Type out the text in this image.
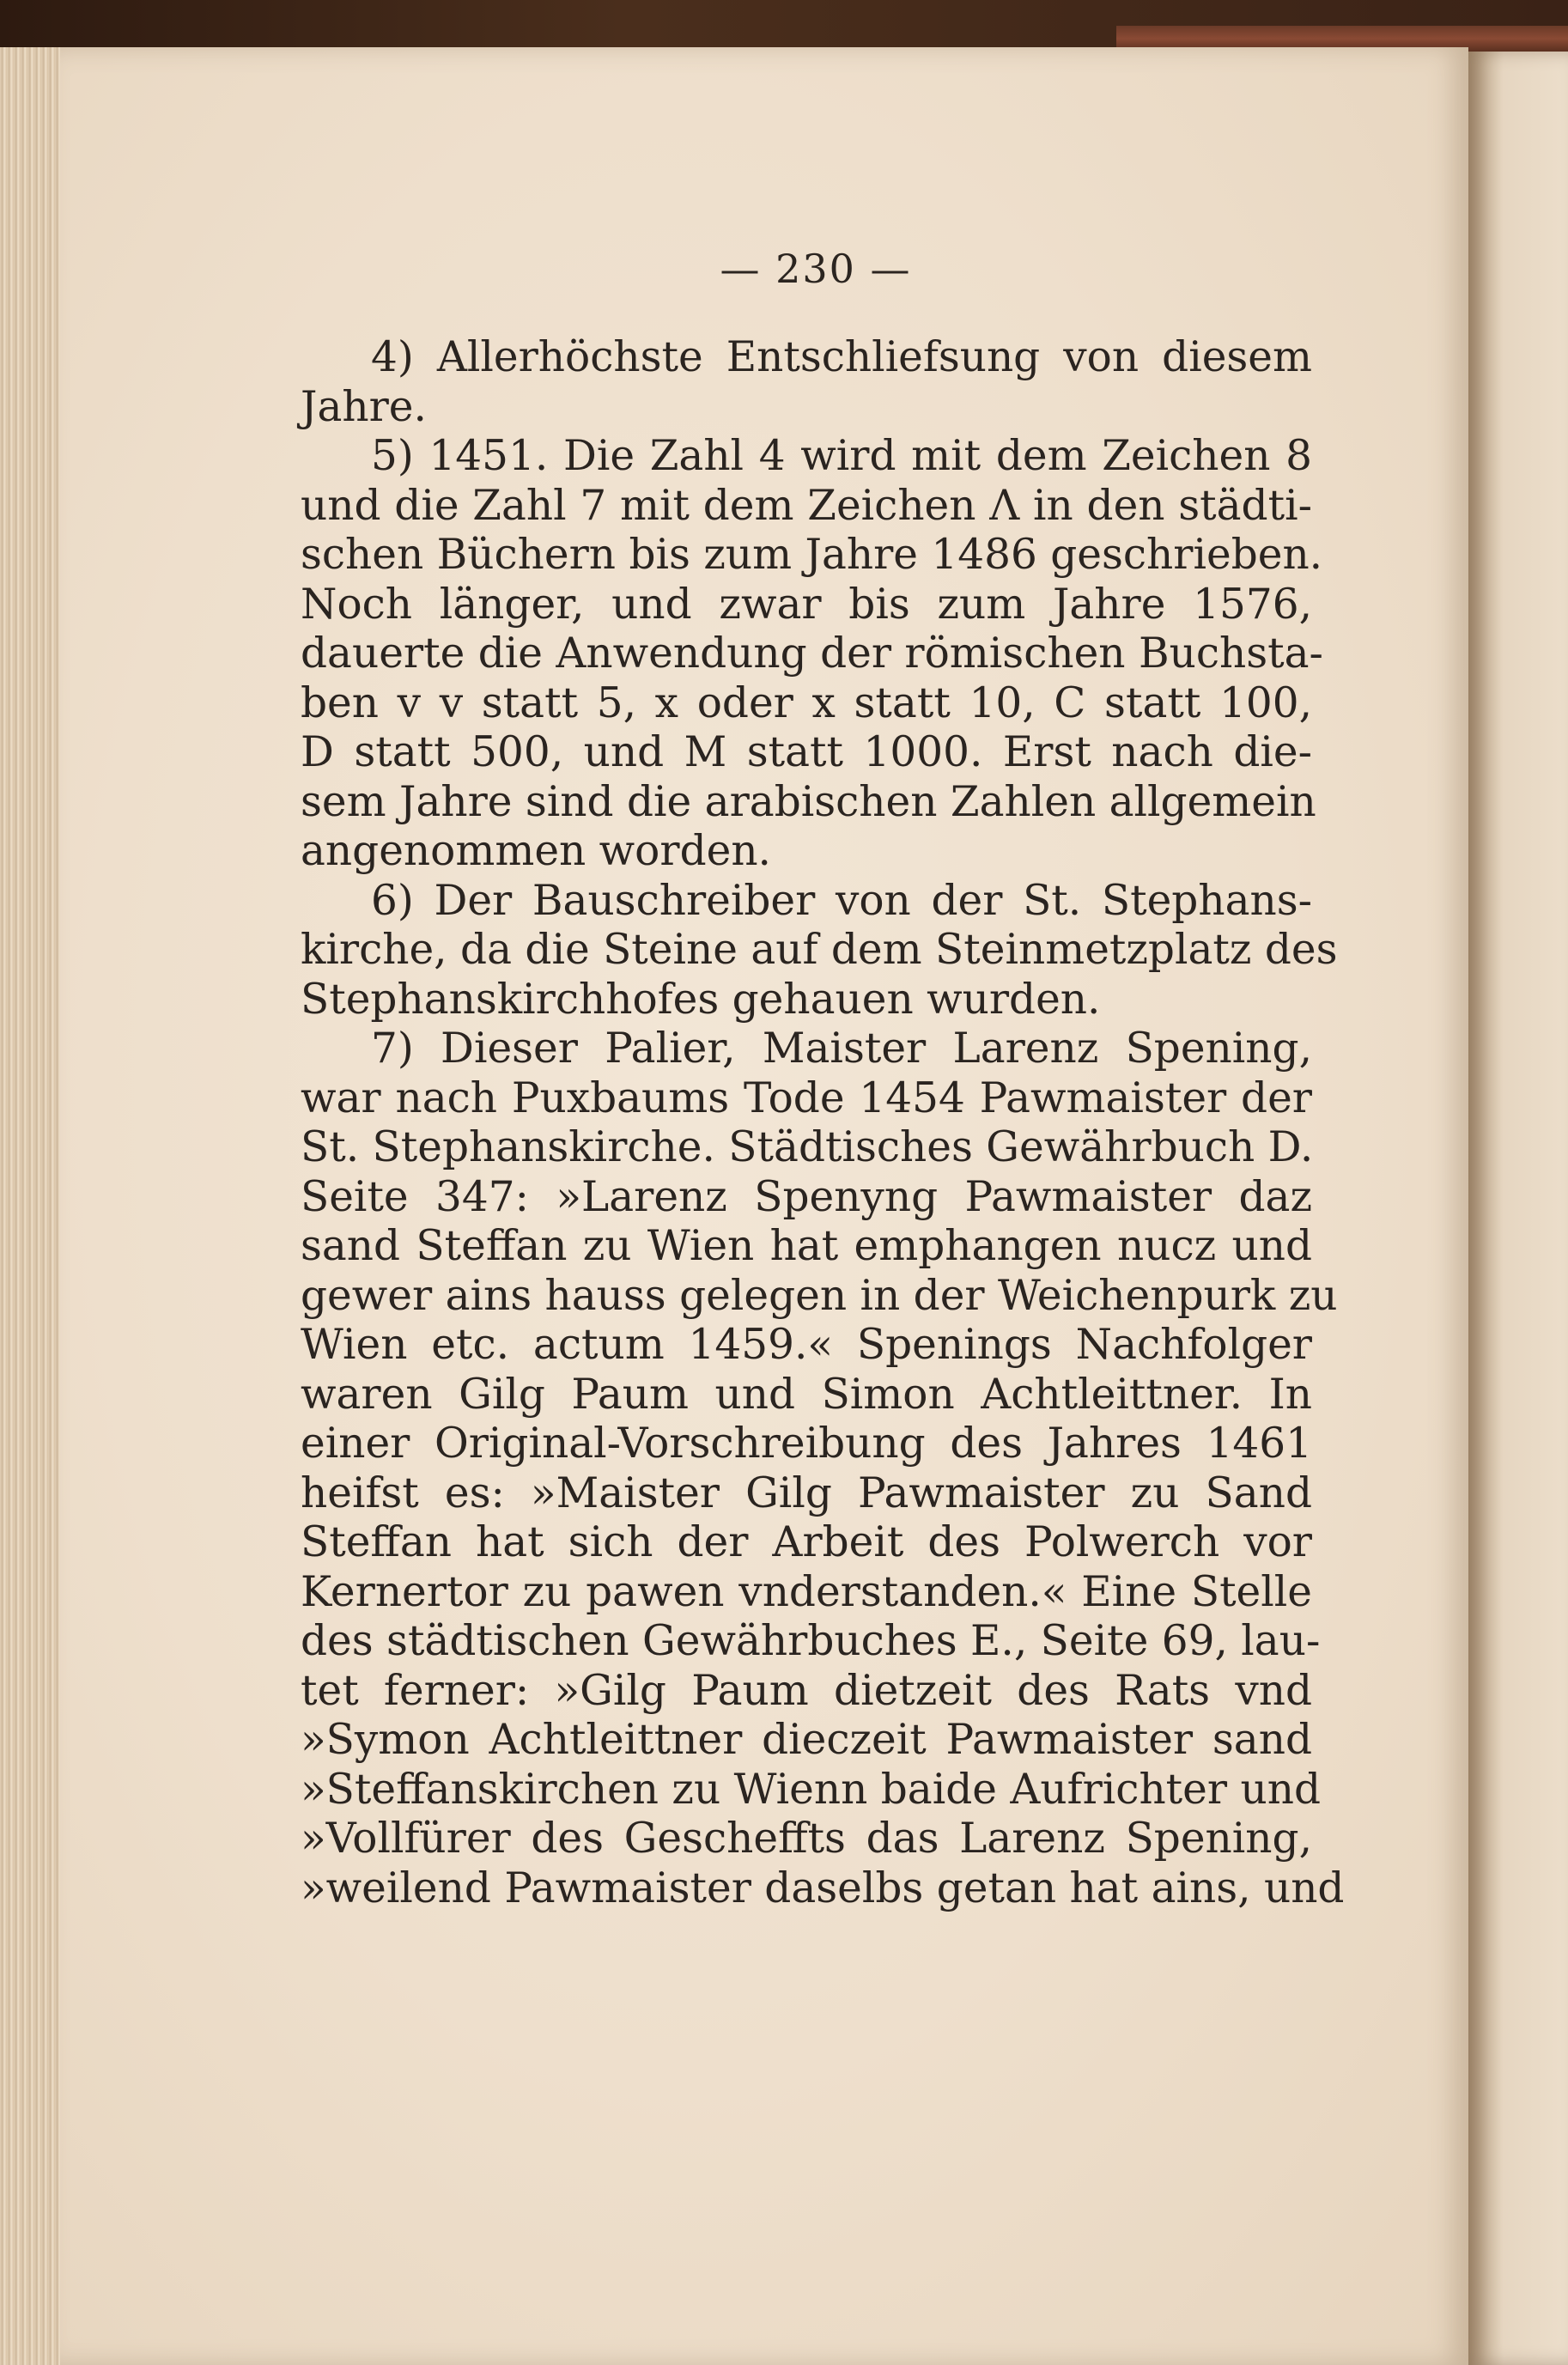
— 230 —
4) Allerhöchste Entschliefsung von diesem
Jahre.
5) 1451. Die Zahl 4 wird mit dem Zeichen 8
und die Zahl 7 mit dem Zeichen Λ in den städti-
schen Büchern bis zum Jahre 1486 geschrieben.
Noch länger, und zwar bis zum Jahre 1576,
dauerte die Anwendung der römischen Buchsta-
ben v v statt 5, x oder x statt 10, C statt 100,
D statt 500, und M statt 1000. Erst nach die-
sem Jahre sind die arabischen Zahlen allgemein
angenommen worden.
6) Der Bauschreiber von der St. Stephans-
kirche, da die Steine auf dem Steinmetzplatz des
Stephanskirchhofes gehauen wurden.
7) Dieser Palier, Maister Larenz Spening,
war nach Puxbaums Tode 1454 Pawmaister der
St. Stephanskirche. Städtisches Gewährbuch D.
Seite 347: »Larenz Spenyng Pawmaister daz
sand Steffan zu Wien hat emphangen nucz und
gewer ains hauss gelegen in der Weichenpurk zu
Wien etc. actum 1459.« Spenings Nachfolger
waren Gilg Paum und Simon Achtleittner. In
einer Original-Vorschreibung des Jahres 1461
heifst es: »Maister Gilg Pawmaister zu Sand
Steffan hat sich der Arbeit des Polwerch vor
Kernertor zu pawen vnderstanden.« Eine Stelle
des städtischen Gewährbuches E., Seite 69, lau-
tet ferner: »Gilg Paum dietzeit des Rats vnd
»Symon Achtleittner dieczeit Pawmaister sand
»Steffanskirchen zu Wienn baide Aufrichter und
»Vollfürer des Gescheffts das Larenz Spening,
»weilend Pawmaister daselbs getan hat ains, und
